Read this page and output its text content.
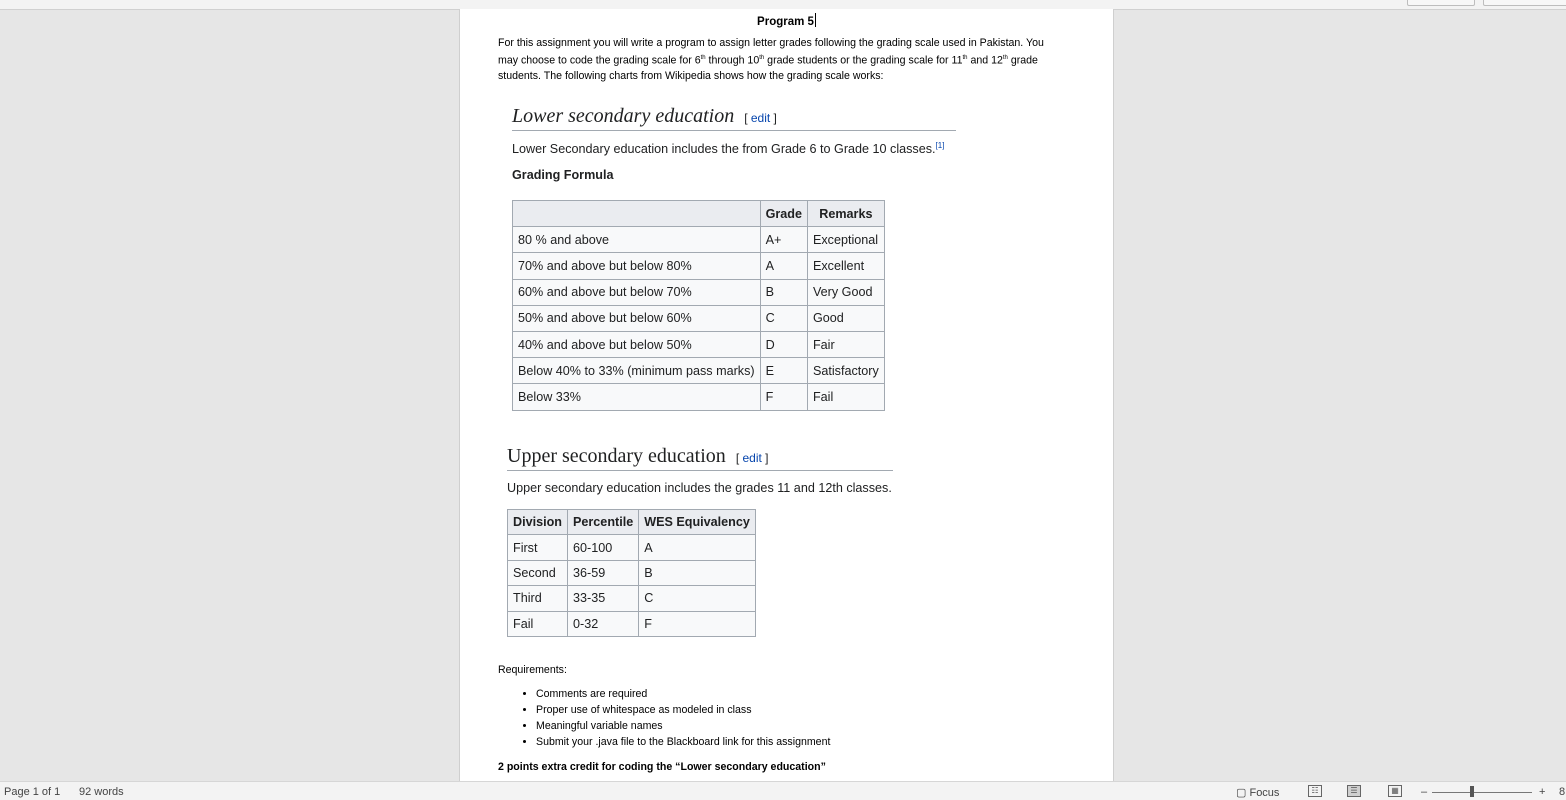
Program 5
For this assignment you will write a program to assign letter grades following the grading scale used in Pakistan. You may choose to code the grading scale for 6th through 10th grade students or the grading scale for 11th and 12th grade students. The following charts from Wikipedia shows how the grading scale works:
Lower secondary education [ edit ]

Lower Secondary education includes the from Grade 6 to Grade 10 classes.[1]

Grading Formula

	Grade	Remarks
80 % and above	A+	Exceptional
70% and above but below 80%	A	Excellent
60% and above but below 70%	B	Very Good
50% and above but below 60%	C	Good
40% and above but below 50%	D	Fair
Below 40% to 33% (minimum pass marks)	E	Satisfactory
Below 33%	F	Fail
Upper secondary education [ edit ]

Upper secondary education includes the grades 11 and 12th classes.

Division	Percentile	WES Equivalency
First	60-100	A
Second	36-59	B
Third	33-35	C
Fail	0-32	F
Requirements:
• Comments are required
• Proper use of whitespace as modeled in class
• Meaningful variable names
• Submit your .java file to the Blackboard link for this assignment
2 points extra credit for coding the “Lower secondary education”
Page 1 of 1 92 words	▢ Focus	☷	☰	▦ –	+ 8
